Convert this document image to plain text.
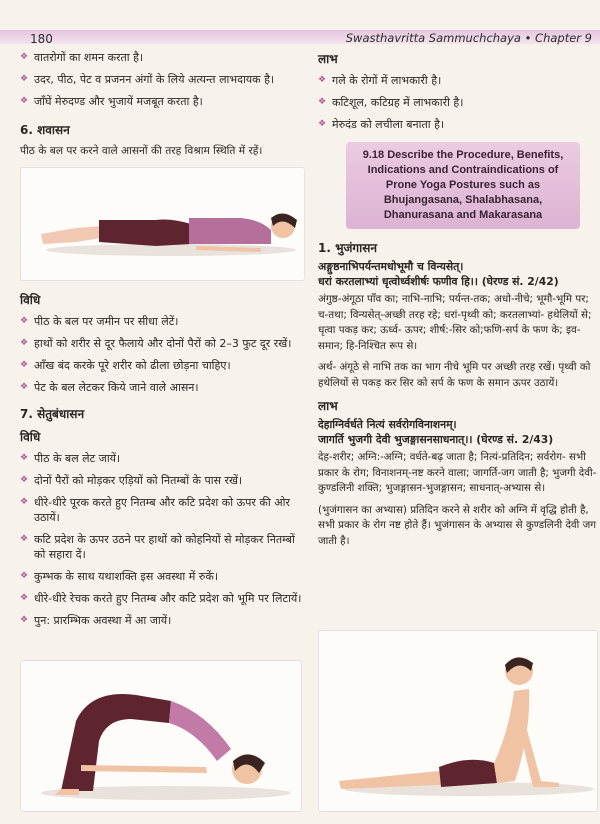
180	Swasthavritta Sammuchchaya • Chapter 9
❖ वातरोगों का शमन करता है।
❖ उदर, पीठ, पेट व प्रजनन अंगों के लिये अत्यन्त लाभदायक है।
❖ जाँघें मेरुदण्ड और भुजायें मजबूत करता है।
6. शवासन

पीठ के बल पर करने वाले आसनों की तरह विश्राम स्थिति में रहें।

विधि
❖ पीठ के बल पर जमीन पर सीधा लेटें।
❖ हाथों को शरीर से दूर फैलाये और दोनों पैरों को 2–3 फुट दूर रखें।
❖ आँख बंद करके पूरे शरीर को ढीला छोड़ना चाहिए।
❖ पेट के बल लेटकर किये जाने वाले आसन।
7. सेतुबंधासन
विधि
❖ पीठ के बल लेट जायें।
❖ दोनों पैरों को मोड़कर एड़ियों को नितम्बों के पास रखें।
❖ धीरे-धीरे पूरक करते हुए नितम्ब और कटि प्रदेश को ऊपर की ओर उठायें।
❖ कटि प्रदेश के ऊपर उठने पर हाथों को कोहनियों से मोड़कर नितम्बों को सहारा दें।
❖ कुम्भक के साथ यथाशक्ति इस अवस्था में रुकें।
❖ धीरे-धीरे रेचक करते हुए नितम्ब और कटि प्रदेश को भूमि पर लिटायें।
❖ पुन: प्रारम्भिक अवस्था में आ जायें।
लाभ
❖ गले के रोगों में लाभकारी है।
❖ कटिशूल, कटिग्रह में लाभकारी है।
❖ मेरुदंड को लचीला बनाता है।
9.18 Describe the Procedure, Benefits, Indications and Contraindications of Prone Yoga Postures such as Bhujangasana, Shalabhasana, Dhanurasana and Makarasana
1. भुजंगासन

अङ्गुष्ठनाभिपर्यन्तमधोभूमौ च विन्यसेत्।

धरां करतलाभ्यां धृत्वोर्ध्वशीर्षः फणीव हि।। (घेरण्ड सं. 2/42)

अंगुष्ठ-अंगूठा पाँव का; नाभि-नाभि; पर्यन्त-तक; अधो-नीचे; भूमौ-भूमि पर; च-तथा; विन्यसेत्-अच्छी तरह रहे; धरां-पृथ्वी को; करतलाभ्यां- हथेलियों से; धृत्वा पकड़ कर; ऊर्ध्व- ऊपर; शीर्ष:-सिर को;फणि-सर्प के फण के; इव-समान; हि-निश्चित रूप से।

अर्थ- अंगूठे से नाभि तक का भाग नीचे भूमि पर अच्छी तरह रखें। पृथ्वी को हथेलियों से पकड़ कर सिर को सर्प के फण के समान ऊपर उठायें।

लाभ

देहाग्निर्वर्धते नित्यं सर्वरोगविनाशनम्।

जागर्ति भुजगी देवी भुजङ्गासनसाधनात्।। (घेरण्ड सं. 2/43)

देह-शरीर; अग्नि:-अग्नि; वर्धते-बढ़ जाता है; नित्यं-प्रतिदिन; सर्वरोग- सभी प्रकार के रोग; विनाशनम्-नष्ट करने वाला; जागर्ति-जग जाती है; भुजगी देवी-कुण्डलिनी शक्ति; भुजङ्गासन-भुजङ्गासन; साधनात्-अभ्यास से।

(भुजंगासन का अभ्यास) प्रतिदिन करने से शरीर को अग्नि में वृद्धि होती है, सभी प्रकार के रोग नष्ट होते हैं। भुजंगासन के अभ्यास से कुण्डलिनी देवी जग जाती है।
